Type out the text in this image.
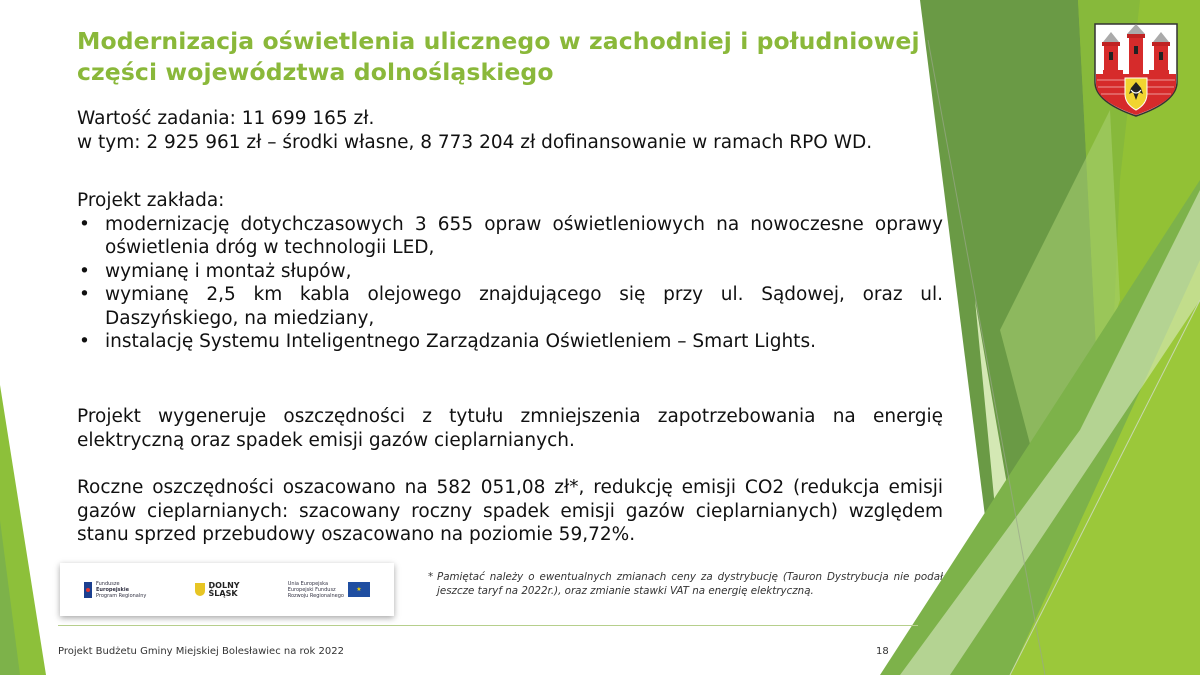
Modernizacja oświetlenia ulicznego w zachodniej i południowej części województwa dolnośląskiego
Wartość zadania: 11 699 165 zł.
w tym: 2 925 961 zł – środki własne, 8 773 204 zł dofinansowanie w ramach RPO WD.
Projekt zakłada:
• modernizację dotychczasowych 3 655 opraw oświetleniowych na nowoczesne oprawy oświetlenia dróg w technologii LED,
• wymianę i montaż słupów,
• wymianę 2,5 km kabla olejowego znajdującego się przy ul. Sądowej, oraz ul. Daszyńskiego, na miedziany,
• instalację Systemu Inteligentnego Zarządzania Oświetleniem – Smart Lights.
Projekt wygeneruje oszczędności z tytułu zmniejszenia zapotrzebowania na energię elektryczną oraz spadek emisji gazów cieplarnianych.
Roczne oszczędności oszacowano na 582 051,08 zł*, redukcję emisji CO2 (redukcja emisji gazów cieplarnianych: szacowany roczny spadek emisji gazów cieplarnianych) względem stanu sprzed przebudowy oszacowano na poziomie 59,72%.
Fundusze
Europejskie
Program Regionalny
DOLNY
ŚLĄSK
Unia Europejska
Europejski Fundusz
Rozwoju Regionalnego
★
* Pamiętać należy o ewentualnych zmianach ceny za dystrybucję (Tauron Dystrybucja nie podał jeszcze taryf na 2022r.), oraz zmianie stawki VAT na energię elektryczną.
Projekt Budżetu Gminy Miejskiej Bolesławiec na rok 2022	18
